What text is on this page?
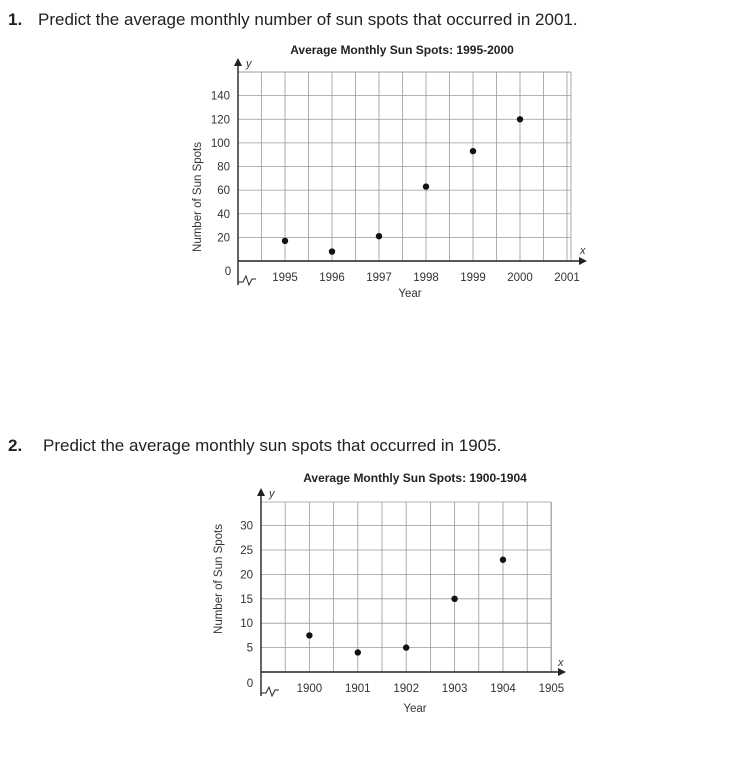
1. Predict the average monthly number of sun spots that occurred in 2001.
Average Monthly Sun Spots: 1995-2000
y
x
Number of Sun Spots
Year
0
20
40
60
80
100
120
140
1995 1996 1997 1998 1999 2000 2001
2. Predict the average monthly sun spots that occurred in 1905.
Average Monthly Sun Spots: 1900-1904
y
x
Number of Sun Spots
Year
0
5
10
15
20
25
30
1900 1901 1902 1903 1904 1905
